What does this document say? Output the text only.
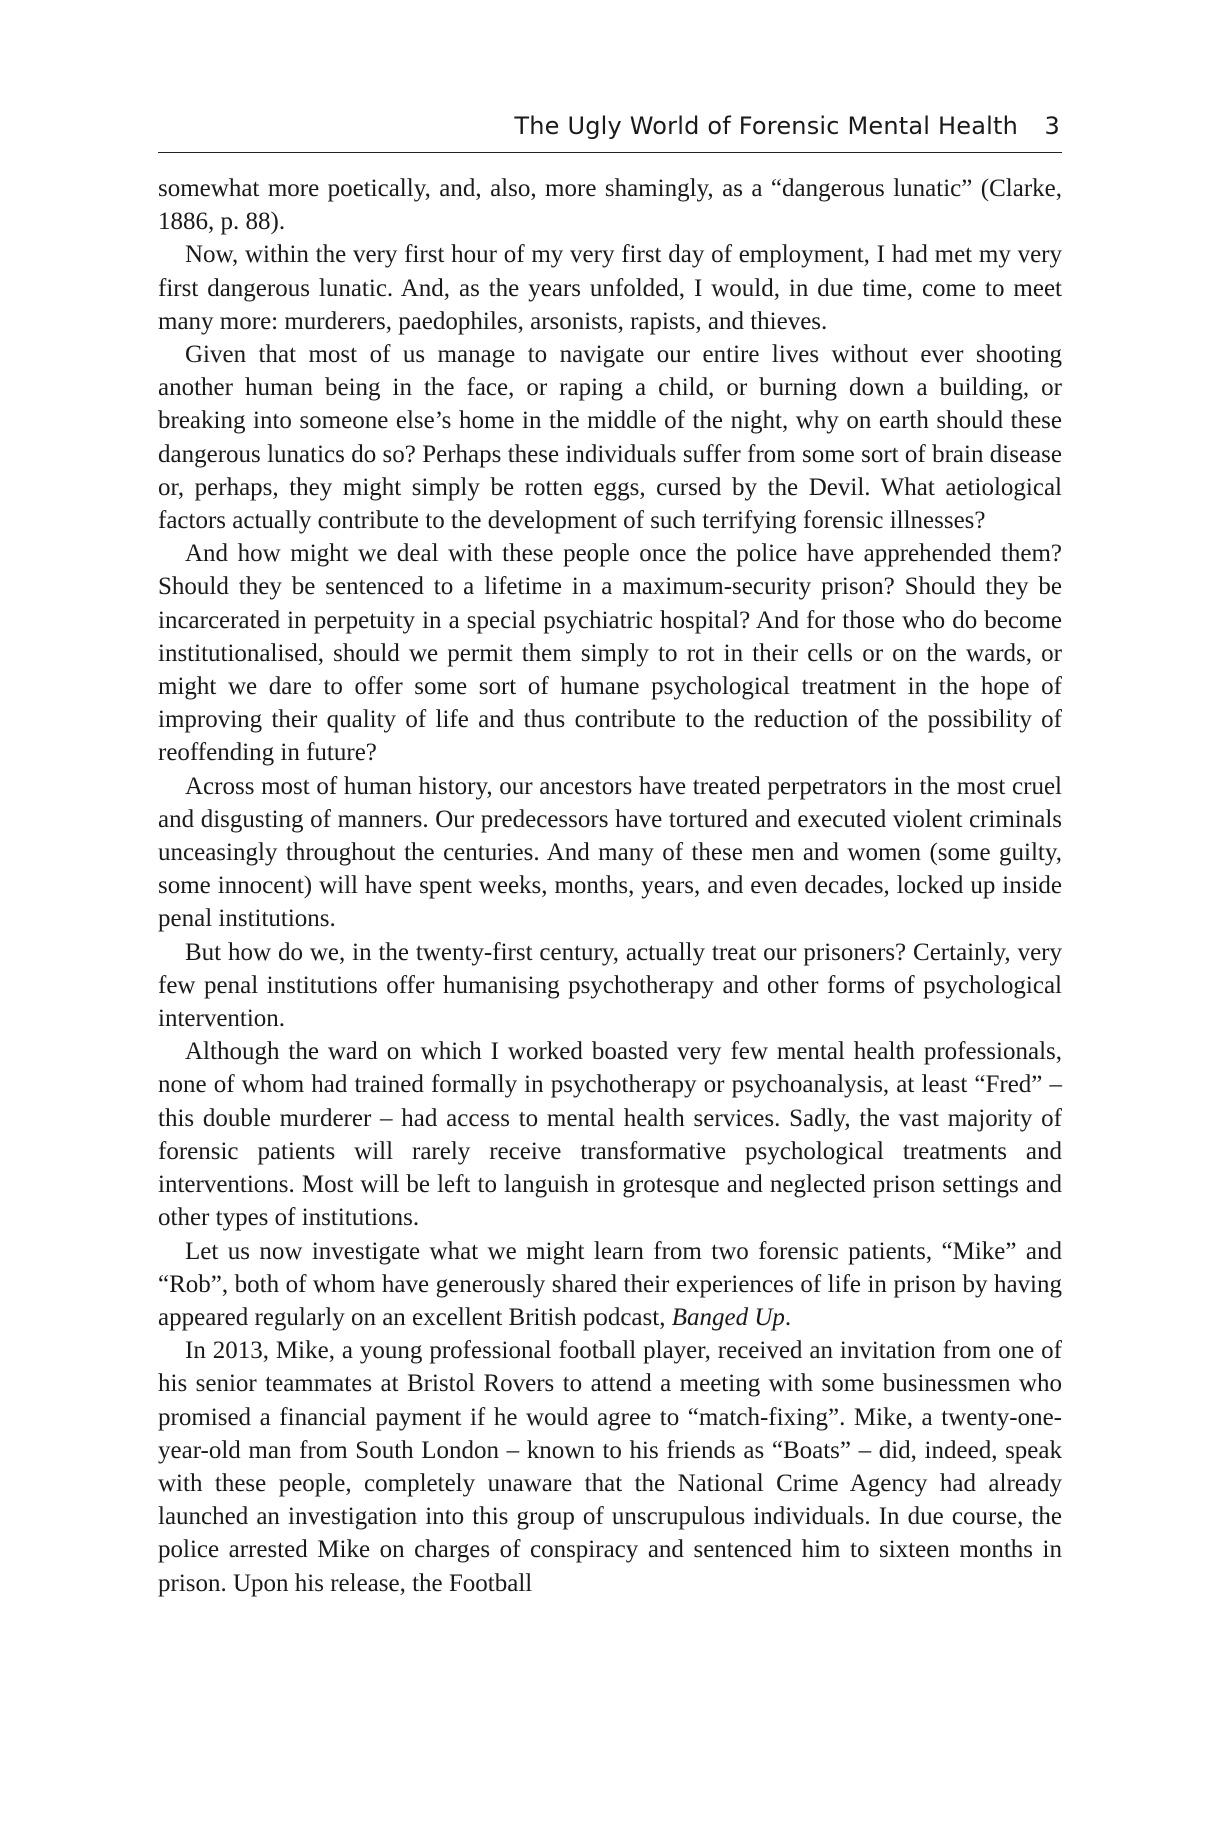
The Ugly World of Forensic Mental Health 3

somewhat more poetically, and, also, more shamingly, as a “dangerous lunatic” (Clarke, 1886, p. 88).

Now, within the very first hour of my very first day of employment, I had met my very first dangerous lunatic. And, as the years unfolded, I would, in due time, come to meet many more: murderers, paedophiles, arsonists, rapists, and thieves.

Given that most of us manage to navigate our entire lives without ever shooting another human being in the face, or raping a child, or burning down a building, or breaking into someone else’s home in the middle of the night, why on earth should these dangerous lunatics do so? Perhaps these individuals suffer from some sort of brain disease or, perhaps, they might simply be rotten eggs, cursed by the Devil. What aetiological factors actually contribute to the development of such terrifying forensic illnesses?

And how might we deal with these people once the police have apprehended them? Should they be sentenced to a lifetime in a maximum-security prison? Should they be incarcerated in perpetuity in a special psychiatric hospital? And for those who do become institutionalised, should we permit them simply to rot in their cells or on the wards, or might we dare to offer some sort of humane psychological treatment in the hope of improving their quality of life and thus contribute to the reduction of the possibility of reoffending in future?

Across most of human history, our ancestors have treated perpetrators in the most cruel and disgusting of manners. Our predecessors have tortured and executed violent criminals unceasingly throughout the centuries. And many of these men and women (some guilty, some innocent) will have spent weeks, months, years, and even decades, locked up inside penal institutions.

But how do we, in the twenty-first century, actually treat our prisoners? Certainly, very few penal institutions offer humanising psychotherapy and other forms of psychological intervention.

Although the ward on which I worked boasted very few mental health professionals, none of whom had trained formally in psychotherapy or psychoanalysis, at least “Fred” – this double murderer – had access to mental health services. Sadly, the vast majority of forensic patients will rarely receive transformative psychological treatments and interventions. Most will be left to languish in grotesque and neglected prison settings and other types of institutions.

Let us now investigate what we might learn from two forensic patients, “Mike” and “Rob”, both of whom have generously shared their experiences of life in prison by having appeared regularly on an excellent British podcast, Banged Up.

In 2013, Mike, a young professional football player, received an invitation from one of his senior teammates at Bristol Rovers to attend a meeting with some businessmen who promised a financial payment if he would agree to “match-fixing”. Mike, a twenty-one-year-old man from South London – known to his friends as “Boats” – did, indeed, speak with these people, completely unaware that the National Crime Agency had already launched an investigation into this group of unscrupulous individuals. In due course, the police arrested Mike on charges of conspiracy and sentenced him to sixteen months in prison. Upon his release, the Football
